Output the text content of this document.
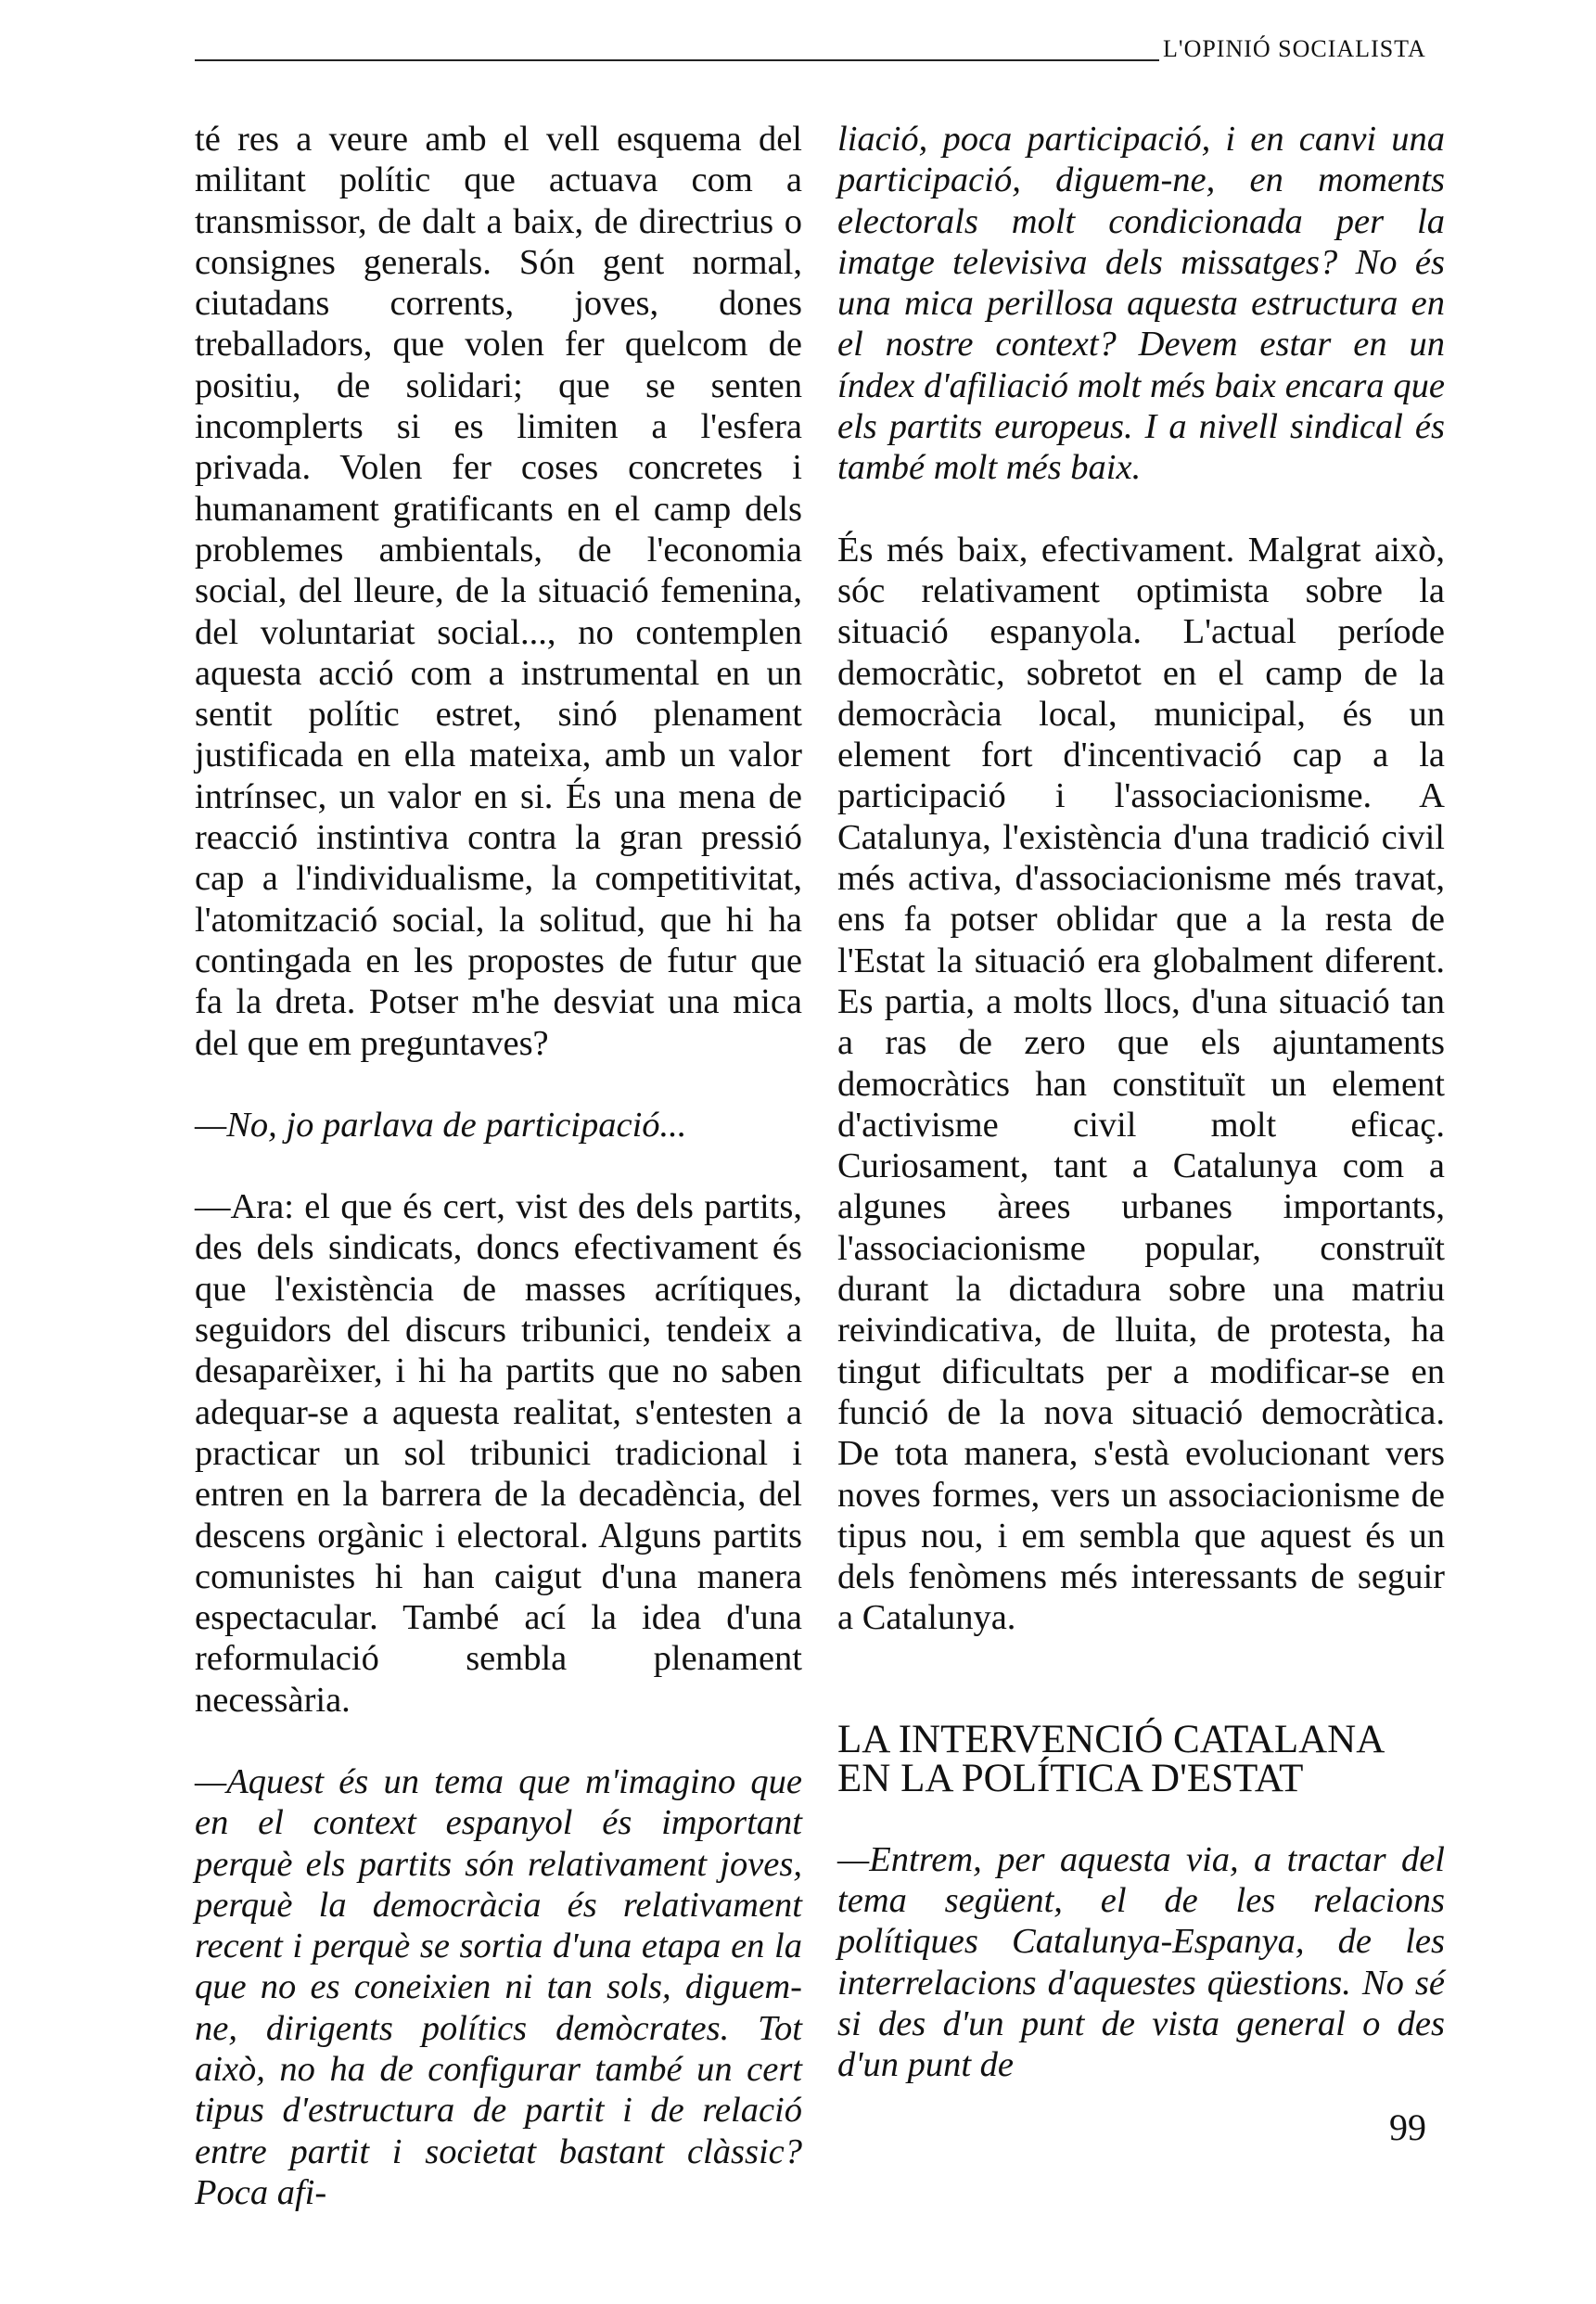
L'OPINIÓ SOCIALISTA

té res a veure amb el vell esquema del militant polític que actuava com a transmissor, de dalt a baix, de directrius o consignes generals. Són gent normal, ciutadans corrents, joves, dones treballadors, que volen fer quelcom de positiu, de solidari; que se senten incomplerts si es limiten a l'esfera privada. Volen fer coses concretes i humanament gratificants en el camp dels problemes ambientals, de l'economia social, del lleure, de la situació femenina, del voluntariat social..., no contemplen aquesta acció com a instrumental en un sentit polític estret, sinó plenament justificada en ella mateixa, amb un valor intrínsec, un valor en si. És una mena de reacció instintiva contra la gran pressió cap a l'individualisme, la competitivitat, l'atomització social, la solitud, que hi ha contingada en les propostes de futur que fa la dreta. Potser m'he desviat una mica del que em preguntaves?

—No, jo parlava de participació...

—Ara: el que és cert, vist des dels partits, des dels sindicats, doncs efectivament és que l'existència de masses acrítiques, seguidors del discurs tribunici, tendeix a desaparèixer, i hi ha partits que no saben adequar-se a aquesta realitat, s'entesten a practicar un sol tribunici tradicional i entren en la barrera de la decadència, del descens orgànic i electoral. Alguns partits comunistes hi han caigut d'una manera espectacular. També ací la idea d'una reformulació sembla plenament necessària.

—Aquest és un tema que m'imagino que en el context espanyol és important perquè els partits són relativament joves, perquè la democràcia és relativament recent i perquè se sortia d'una etapa en la que no es coneixien ni tan sols, diguem-ne, dirigents polítics demòcrates. Tot això, no ha de configurar també un cert tipus d'estructura de partit i de relació entre partit i societat bastant clàssic? Poca afi-

liació, poca participació, i en canvi una participació, diguem-ne, en moments electorals molt condicionada per la imatge televisiva dels missatges? No és una mica perillosa aquesta estructura en el nostre context? Devem estar en un índex d'afiliació molt més baix encara que els partits europeus. I a nivell sindical és també molt més baix.

És més baix, efectivament. Malgrat això, sóc relativament optimista sobre la situació espanyola. L'actual període democràtic, sobretot en el camp de la democràcia local, municipal, és un element fort d'incentivació cap a la participació i l'associacionisme. A Catalunya, l'existència d'una tradició civil més activa, d'associacionisme més travat, ens fa potser oblidar que a la resta de l'Estat la situació era globalment diferent. Es partia, a molts llocs, d'una situació tan a ras de zero que els ajuntaments democràtics han constituït un element d'activisme civil molt eficaç. Curiosament, tant a Catalunya com a algunes àrees urbanes importants, l'associacionisme popular, construït durant la dictadura sobre una matriu reivindicativa, de lluita, de protesta, ha tingut dificultats per a modificar-se en funció de la nova situació democràtica. De tota manera, s'està evolucionant vers noves formes, vers un associacionisme de tipus nou, i em sembla que aquest és un dels fenòmens més interessants de seguir a Catalunya.

LA INTERVENCIÓ CATALANA EN LA POLÍTICA D'ESTAT

—Entrem, per aquesta via, a tractar del tema següent, el de les relacions polítiques Catalunya-Espanya, de les interrelacions d'aquestes qüestions. No sé si des d'un punt de vista general o des d'un punt de

99
